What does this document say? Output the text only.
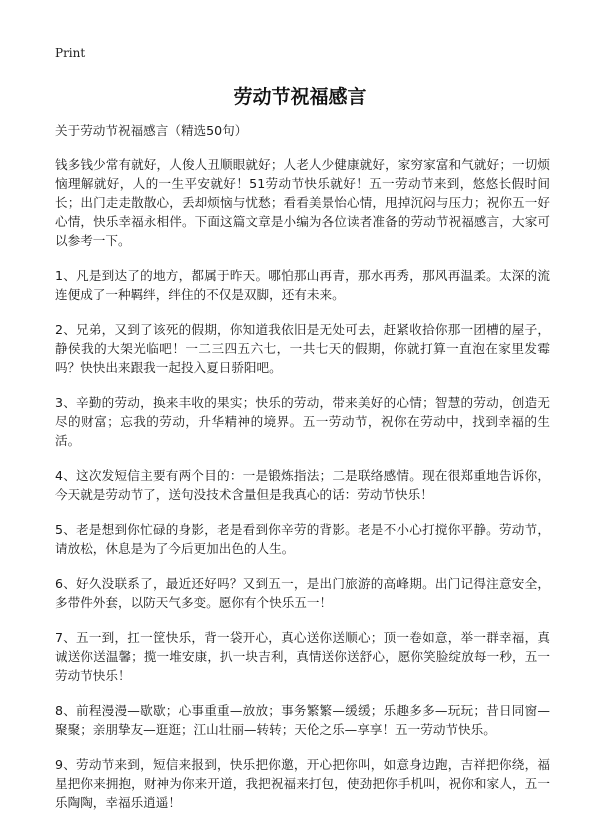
Print
劳动节祝福感言

关于劳动节祝福感言（精选50句）

钱多钱少常有就好，人俊人丑顺眼就好；人老人少健康就好，家穷家富和气就好；一切烦恼理解就好，人的一生平安就好！51劳动节快乐就好！五一劳动节来到，悠悠长假时间长；出门走走散散心，丢却烦恼与忧愁；看看美景怡心情，甩掉沉闷与压力；祝你五一好心情，快乐幸福永相伴。下面这篇文章是小编为各位读者准备的劳动节祝福感言，大家可以参考一下。

1、凡是到达了的地方，都属于昨天。哪怕那山再青，那水再秀，那风再温柔。太深的流连便成了一种羁绊，绊住的不仅是双脚，还有未来。

2、兄弟，又到了该死的假期，你知道我依旧是无处可去，赶紧收拾你那一团槽的屋子，静侯我的大架光临吧！一二三四五六七，一共七天的假期，你就打算一直泡在家里发霉吗？快快出来跟我一起投入夏日骄阳吧。

3、辛勤的劳动，换来丰收的果实；快乐的劳动，带来美好的心情；智慧的劳动，创造无尽的财富；忘我的劳动，升华精神的境界。五一劳动节，祝你在劳动中，找到幸福的生活。

4、这次发短信主要有两个目的：一是锻炼指法；二是联络感情。现在很郑重地告诉你，今天就是劳动节了，送句没技术含量但是我真心的话：劳动节快乐！

5、老是想到你忙碌的身影，老是看到你辛劳的背影。老是不小心打搅你平静。劳动节，请放松，休息是为了今后更加出色的人生。

6、好久没联系了，最近还好吗？又到五一，是出门旅游的高峰期。出门记得注意安全，多带件外套，以防天气多变。愿你有个快乐五一！

7、五一到，扛一筐快乐，背一袋开心，真心送你送顺心；顶一卷如意，举一群幸福，真诚送你送温馨；揽一堆安康，扒一块吉利，真情送你送舒心，愿你笑脸绽放每一秒，五一劳动节快乐！

8、前程漫漫—歇歇；心事重重—放放；事务繁繁—缓缓；乐趣多多—玩玩；昔日同窗—聚聚；亲朋挚友—逛逛；江山壮丽—转转；天伦之乐—享享！五一劳动节快乐。

9、劳动节来到，短信来报到，快乐把你邀，开心把你叫，如意身边跑，吉祥把你绕，福星把你来拥抱，财神为你来开道，我把祝福来打包，使劲把你手机叫，祝你和家人，五一乐陶陶，幸福乐逍遥！
